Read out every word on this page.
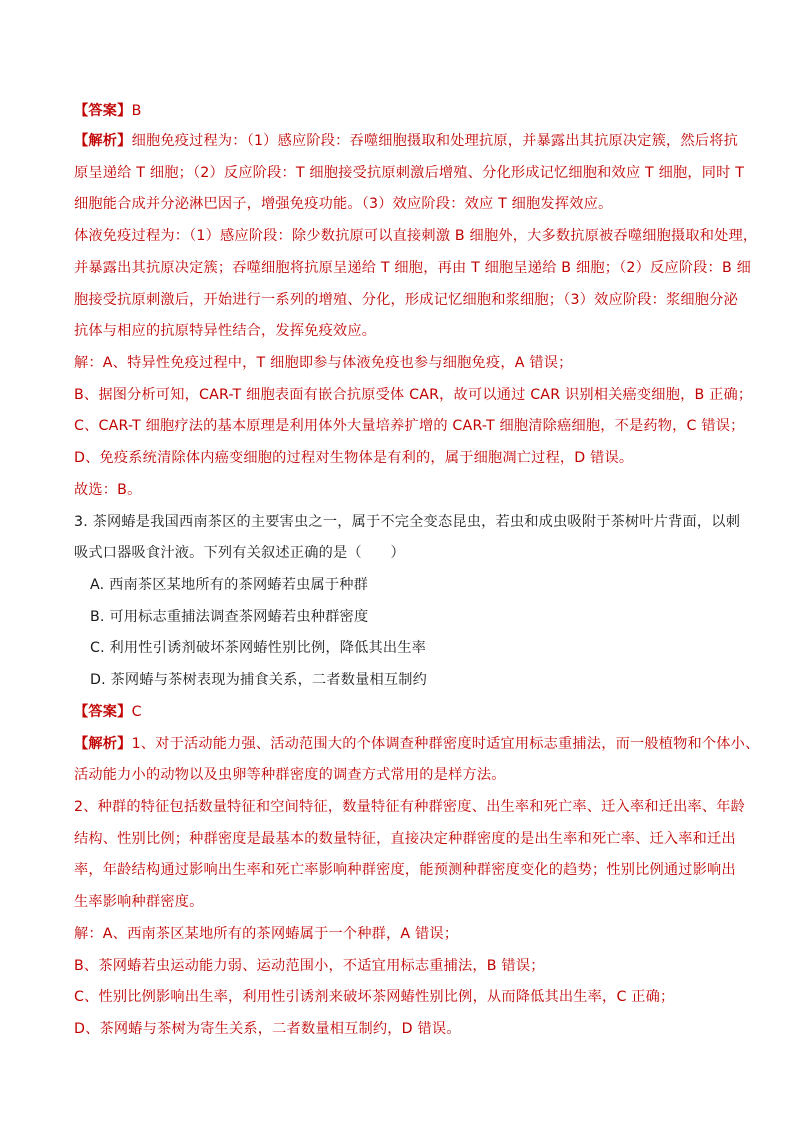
【答案】B
【解析】细胞免疫过程为：（1）感应阶段：吞噬细胞摄取和处理抗原，并暴露出其抗原决定簇，然后将抗
原呈递给 T 细胞；（2）反应阶段：T 细胞接受抗原刺激后增殖、分化形成记忆细胞和效应 T 细胞，同时 T
细胞能合成并分泌淋巴因子，增强免疫功能。（3）效应阶段：效应 T 细胞发挥效应。
体液免疫过程为：（1）感应阶段：除少数抗原可以直接刺激 B 细胞外，大多数抗原被吞噬细胞摄取和处理，
并暴露出其抗原决定簇；吞噬细胞将抗原呈递给 T 细胞，再由 T 细胞呈递给 B 细胞；（2）反应阶段：B 细
胞接受抗原刺激后，开始进行一系列的增殖、分化，形成记忆细胞和浆细胞；（3）效应阶段：浆细胞分泌
抗体与相应的抗原特异性结合，发挥免疫效应。
解：A、特异性免疫过程中，T 细胞即参与体液免疫也参与细胞免疫，A 错误；
B、据图分析可知，CAR-T 细胞表面有嵌合抗原受体 CAR，故可以通过 CAR 识别相关癌变细胞，B 正确；
C、CAR-T 细胞疗法的基本原理是利用体外大量培养扩增的 CAR-T 细胞清除癌细胞，不是药物，C 错误；
D、免疫系统清除体内癌变细胞的过程对生物体是有利的，属于细胞凋亡过程，D 错误。
故选：B。
3. 茶网蝽是我国西南茶区的主要害虫之一，属于不完全变态昆虫，若虫和成虫吸附于茶树叶片背面，以刺
吸式口器吸食汁液。下列有关叙述正确的是（　　）
A. 西南茶区某地所有的茶网蝽若虫属于种群
B. 可用标志重捕法调查茶网蝽若虫种群密度
C. 利用性引诱剂破坏茶网蝽性别比例，降低其出生率
D. 茶网蝽与茶树表现为捕食关系，二者数量相互制约
【答案】C
【解析】1、对于活动能力强、活动范围大的个体调查种群密度时适宜用标志重捕法，而一般植物和个体小、
活动能力小的动物以及虫卵等种群密度的调查方式常用的是样方法。
2、种群的特征包括数量特征和空间特征，数量特征有种群密度、出生率和死亡率、迁入率和迁出率、年龄
结构、性别比例；种群密度是最基本的数量特征，直接决定种群密度的是出生率和死亡率、迁入率和迁出
率，年龄结构通过影响出生率和死亡率影响种群密度，能预测种群密度变化的趋势；性别比例通过影响出
生率影响种群密度。
解：A、西南茶区某地所有的茶网蝽属于一个种群，A 错误；
B、茶网蝽若虫运动能力弱、运动范围小，不适宜用标志重捕法，B 错误；
C、性别比例影响出生率，利用性引诱剂来破坏茶网蝽性别比例，从而降低其出生率，C 正确；
D、茶网蝽与茶树为寄生关系，二者数量相互制约，D 错误。
